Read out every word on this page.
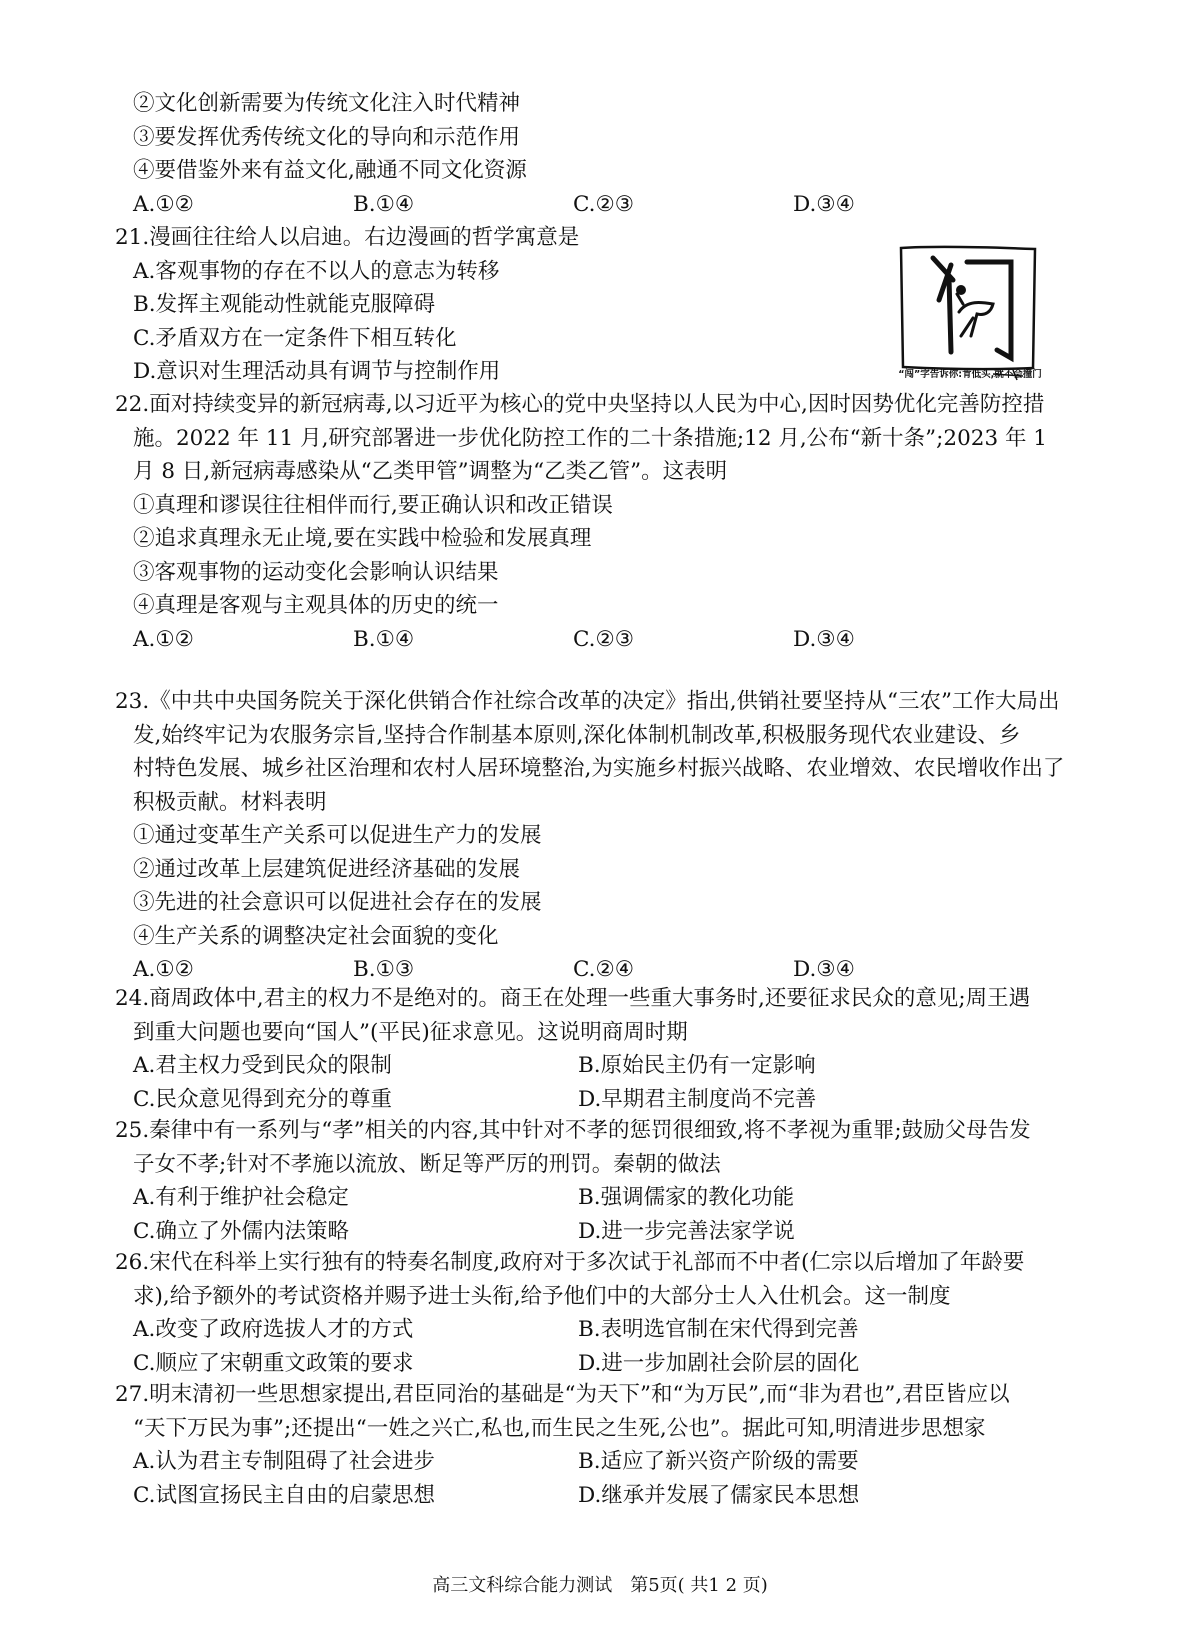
②文化创新需要为传统文化注入时代精神
③要发挥优秀传统文化的导向和示范作用
④要借鉴外来有益文化,融通不同文化资源
A.①②	B.①④	C.②③	D.③④
21.漫画往往给人以启迪。右边漫画的哲学寓意是
A.客观事物的存在不以人的意志为转移
B.发挥主观能动性就能克服障碍
C.矛盾双方在一定条件下相互转化
D.意识对生理活动具有调节与控制作用	“闯”字告诉你:肯低头,就不会撞门
22.面对持续变异的新冠病毒,以习近平为核心的党中央坚持以人民为中心,因时因势优化完善防控措
施。2022 年 11 月,研究部署进一步优化防控工作的二十条措施;12 月,公布“新十条”;2023 年 1
月 8 日,新冠病毒感染从“乙类甲管”调整为“乙类乙管”。这表明
①真理和谬误往往相伴而行,要正确认识和改正错误
②追求真理永无止境,要在实践中检验和发展真理
③客观事物的运动变化会影响认识结果
④真理是客观与主观具体的历史的统一
A.①②	B.①④	C.②③	D.③④
23.《中共中央国务院关于深化供销合作社综合改革的决定》指出,供销社要坚持从“三农”工作大局出
发,始终牢记为农服务宗旨,坚持合作制基本原则,深化体制机制改革,积极服务现代农业建设、乡
村特色发展、城乡社区治理和农村人居环境整治,为实施乡村振兴战略、农业增效、农民增收作出了
积极贡献。材料表明
①通过变革生产关系可以促进生产力的发展
②通过改革上层建筑促进经济基础的发展
③先进的社会意识可以促进社会存在的发展
④生产关系的调整决定社会面貌的变化
A.①②	B.①③	C.②④	D.③④
24.商周政体中,君主的权力不是绝对的。商王在处理一些重大事务时,还要征求民众的意见;周王遇
到重大问题也要向“国人”(平民)征求意见。这说明商周时期
A.君主权力受到民众的限制	B.原始民主仍有一定影响
C.民众意见得到充分的尊重	D.早期君主制度尚不完善
25.秦律中有一系列与“孝”相关的内容,其中针对不孝的惩罚很细致,将不孝视为重罪;鼓励父母告发
子女不孝;针对不孝施以流放、断足等严厉的刑罚。秦朝的做法
A.有利于维护社会稳定	B.强调儒家的教化功能
C.确立了外儒内法策略	D.进一步完善法家学说
26.宋代在科举上实行独有的特奏名制度,政府对于多次试于礼部而不中者(仁宗以后增加了年龄要
求),给予额外的考试资格并赐予进士头衔,给予他们中的大部分士人入仕机会。这一制度
A.改变了政府选拔人才的方式	B.表明选官制在宋代得到完善
C.顺应了宋朝重文政策的要求	D.进一步加剧社会阶层的固化
27.明末清初一些思想家提出,君臣同治的基础是“为天下”和“为万民”,而“非为君也”,君臣皆应以
“天下万民为事”;还提出“一姓之兴亡,私也,而生民之生死,公也”。据此可知,明清进步思想家
A.认为君主专制阻碍了社会进步	B.适应了新兴资产阶级的需要
C.试图宣扬民主自由的启蒙思想	D.继承并发展了儒家民本思想
高三文科综合能力测试　第5页( 共1 2 页)
